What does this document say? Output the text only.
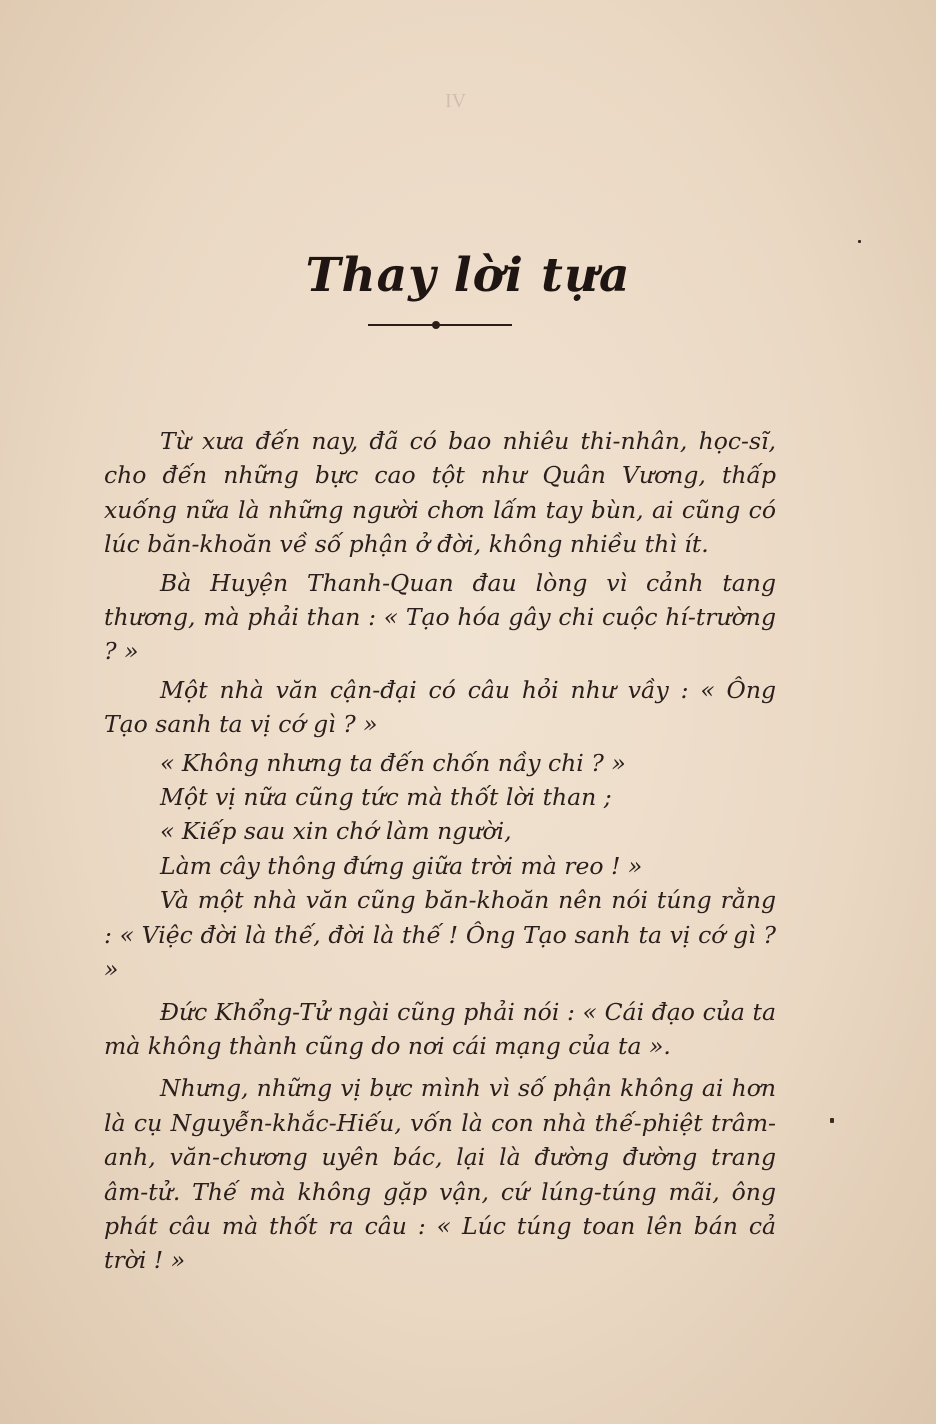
IV
Thay lời tựa

Từ xưa đến nay, đã có bao nhiêu thi-nhân, học-sĩ, cho đến những bực cao tột như Quân Vương, thấp xuống nữa là những người chơn lấm tay bùn, ai cũng có lúc băn-khoăn về số phận ở đời, không nhiều thì ít.

Bà Huyện Thanh-Quan đau lòng vì cảnh tang thương, mà phải than : « Tạo hóa gây chi cuộc hí-trường ? »

Một nhà văn cận-đại có câu hỏi như vầy : « Ông Tạo sanh ta vị cớ gì ? »

« Không nhưng ta đến chốn nầy chi ? »

Một vị nữa cũng tức mà thốt lời than ;

« Kiếp sau xin chớ làm người,

Làm cây thông đứng giữa trời mà reo ! »

Và một nhà văn cũng băn-khoăn nên nói túng rằng : « Việc đời là thế, đời là thế ! Ông Tạo sanh ta vị cớ gì ? »

Đức Khổng-Tử ngài cũng phải nói : « Cái đạo của ta mà không thành cũng do nơi cái mạng của ta ».

Nhưng, những vị bực mình vì số phận không ai hơn là cụ Nguyễn-khắc-Hiếu, vốn là con nhà thế-phiệt trâm-anh, văn-chương uyên bác, lại là đường đường trang âm-tử. Thế mà không gặp vận, cứ lúng-túng mãi, ông phát câu mà thốt ra câu : « Lúc túng toan lên bán cả trời ! »
